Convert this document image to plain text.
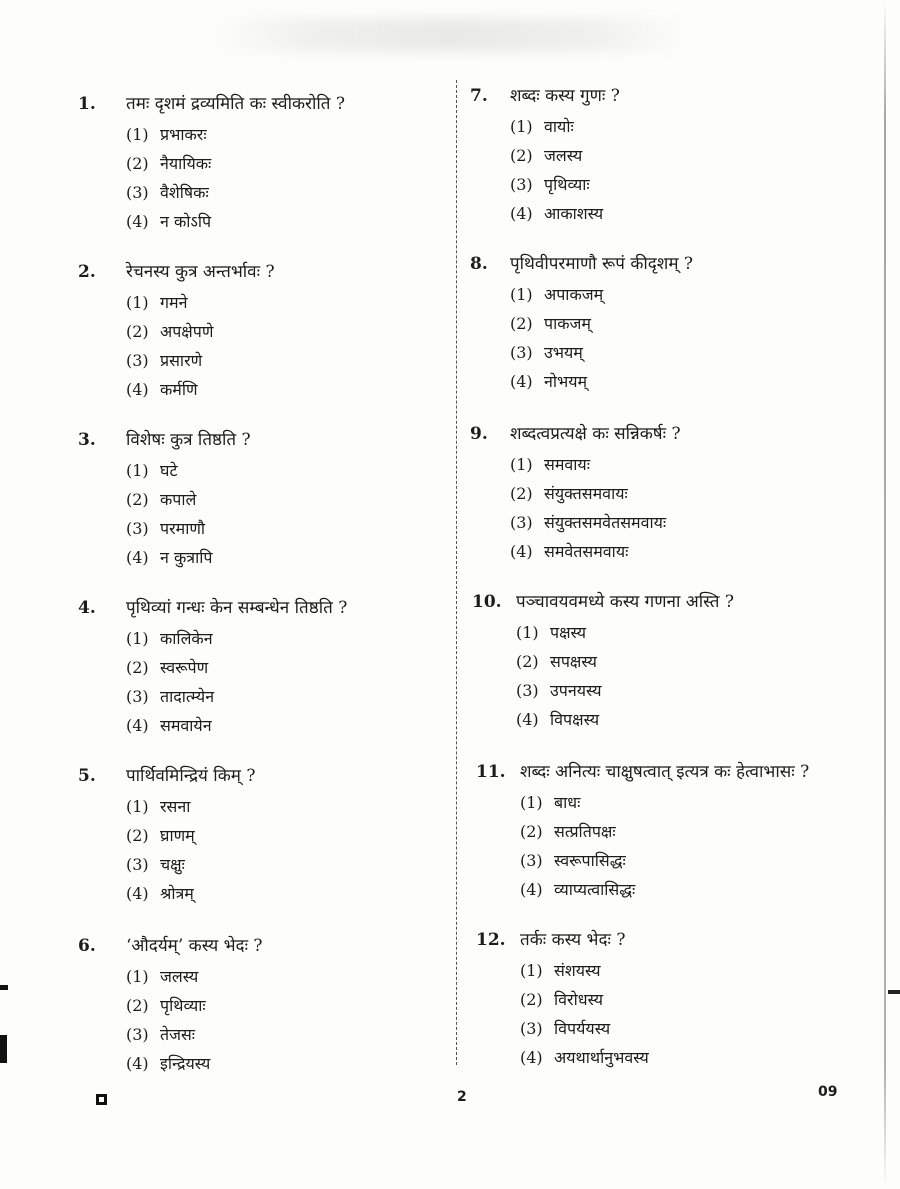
1.	तमः दृशमं द्रव्यमिति कः स्वीकरोति ?
(1) प्रभाकरः
(2) नैयायिकः
(3) वैशेषिकः
(4) न कोऽपि
2.	रेचनस्य कुत्र अन्तर्भावः ?
(1) गमने
(2) अपक्षेपणे
(3) प्रसारणे
(4) कर्मणि
3.	विशेषः कुत्र तिष्ठति ?
(1) घटे
(2) कपाले
(3) परमाणौ
(4) न कुत्रापि
4.	पृथिव्यां गन्धः केन सम्बन्धेन तिष्ठति ?
(1) कालिकेन
(2) स्वरूपेण
(3) तादात्म्येन
(4) समवायेन
5.	पार्थिवमिन्द्रियं किम् ?
(1) रसना
(2) घ्राणम्
(3) चक्षुः
(4) श्रोत्रम्
6.	‘औदर्यम्’ कस्य भेदः ?
(1) जलस्य
(2) पृथिव्याः
(3) तेजसः
(4) इन्द्रियस्य
7.	शब्दः कस्य गुणः ?
(1) वायोः
(2) जलस्य
(3) पृथिव्याः
(4) आकाशस्य
8.	पृथिवीपरमाणौ रूपं कीदृशम् ?
(1) अपाकजम्
(2) पाकजम्
(3) उभयम्
(4) नोभयम्
9.	शब्दत्वप्रत्यक्षे कः सन्निकर्षः ?
(1) समवायः
(2) संयुक्तसमवायः
(3) संयुक्तसमवेतसमवायः
(4) समवेतसमवायः
10. पञ्चावयवमध्ये कस्य गणना अस्ति ?
(1) पक्षस्य
(2) सपक्षस्य
(3) उपनयस्य
(4) विपक्षस्य
11. शब्दः अनित्यः चाक्षुषत्वात् इत्यत्र कः हेत्वाभासः ?
(1) बाधः
(2) सत्प्रतिपक्षः
(3) स्वरूपासिद्धः
(4) व्याप्यत्वासिद्धः
12. तर्कः कस्य भेदः ?
(1) संशयस्य
(2) विरोधस्य
(3) विपर्ययस्य
(4) अयथार्थानुभवस्य
2	09
